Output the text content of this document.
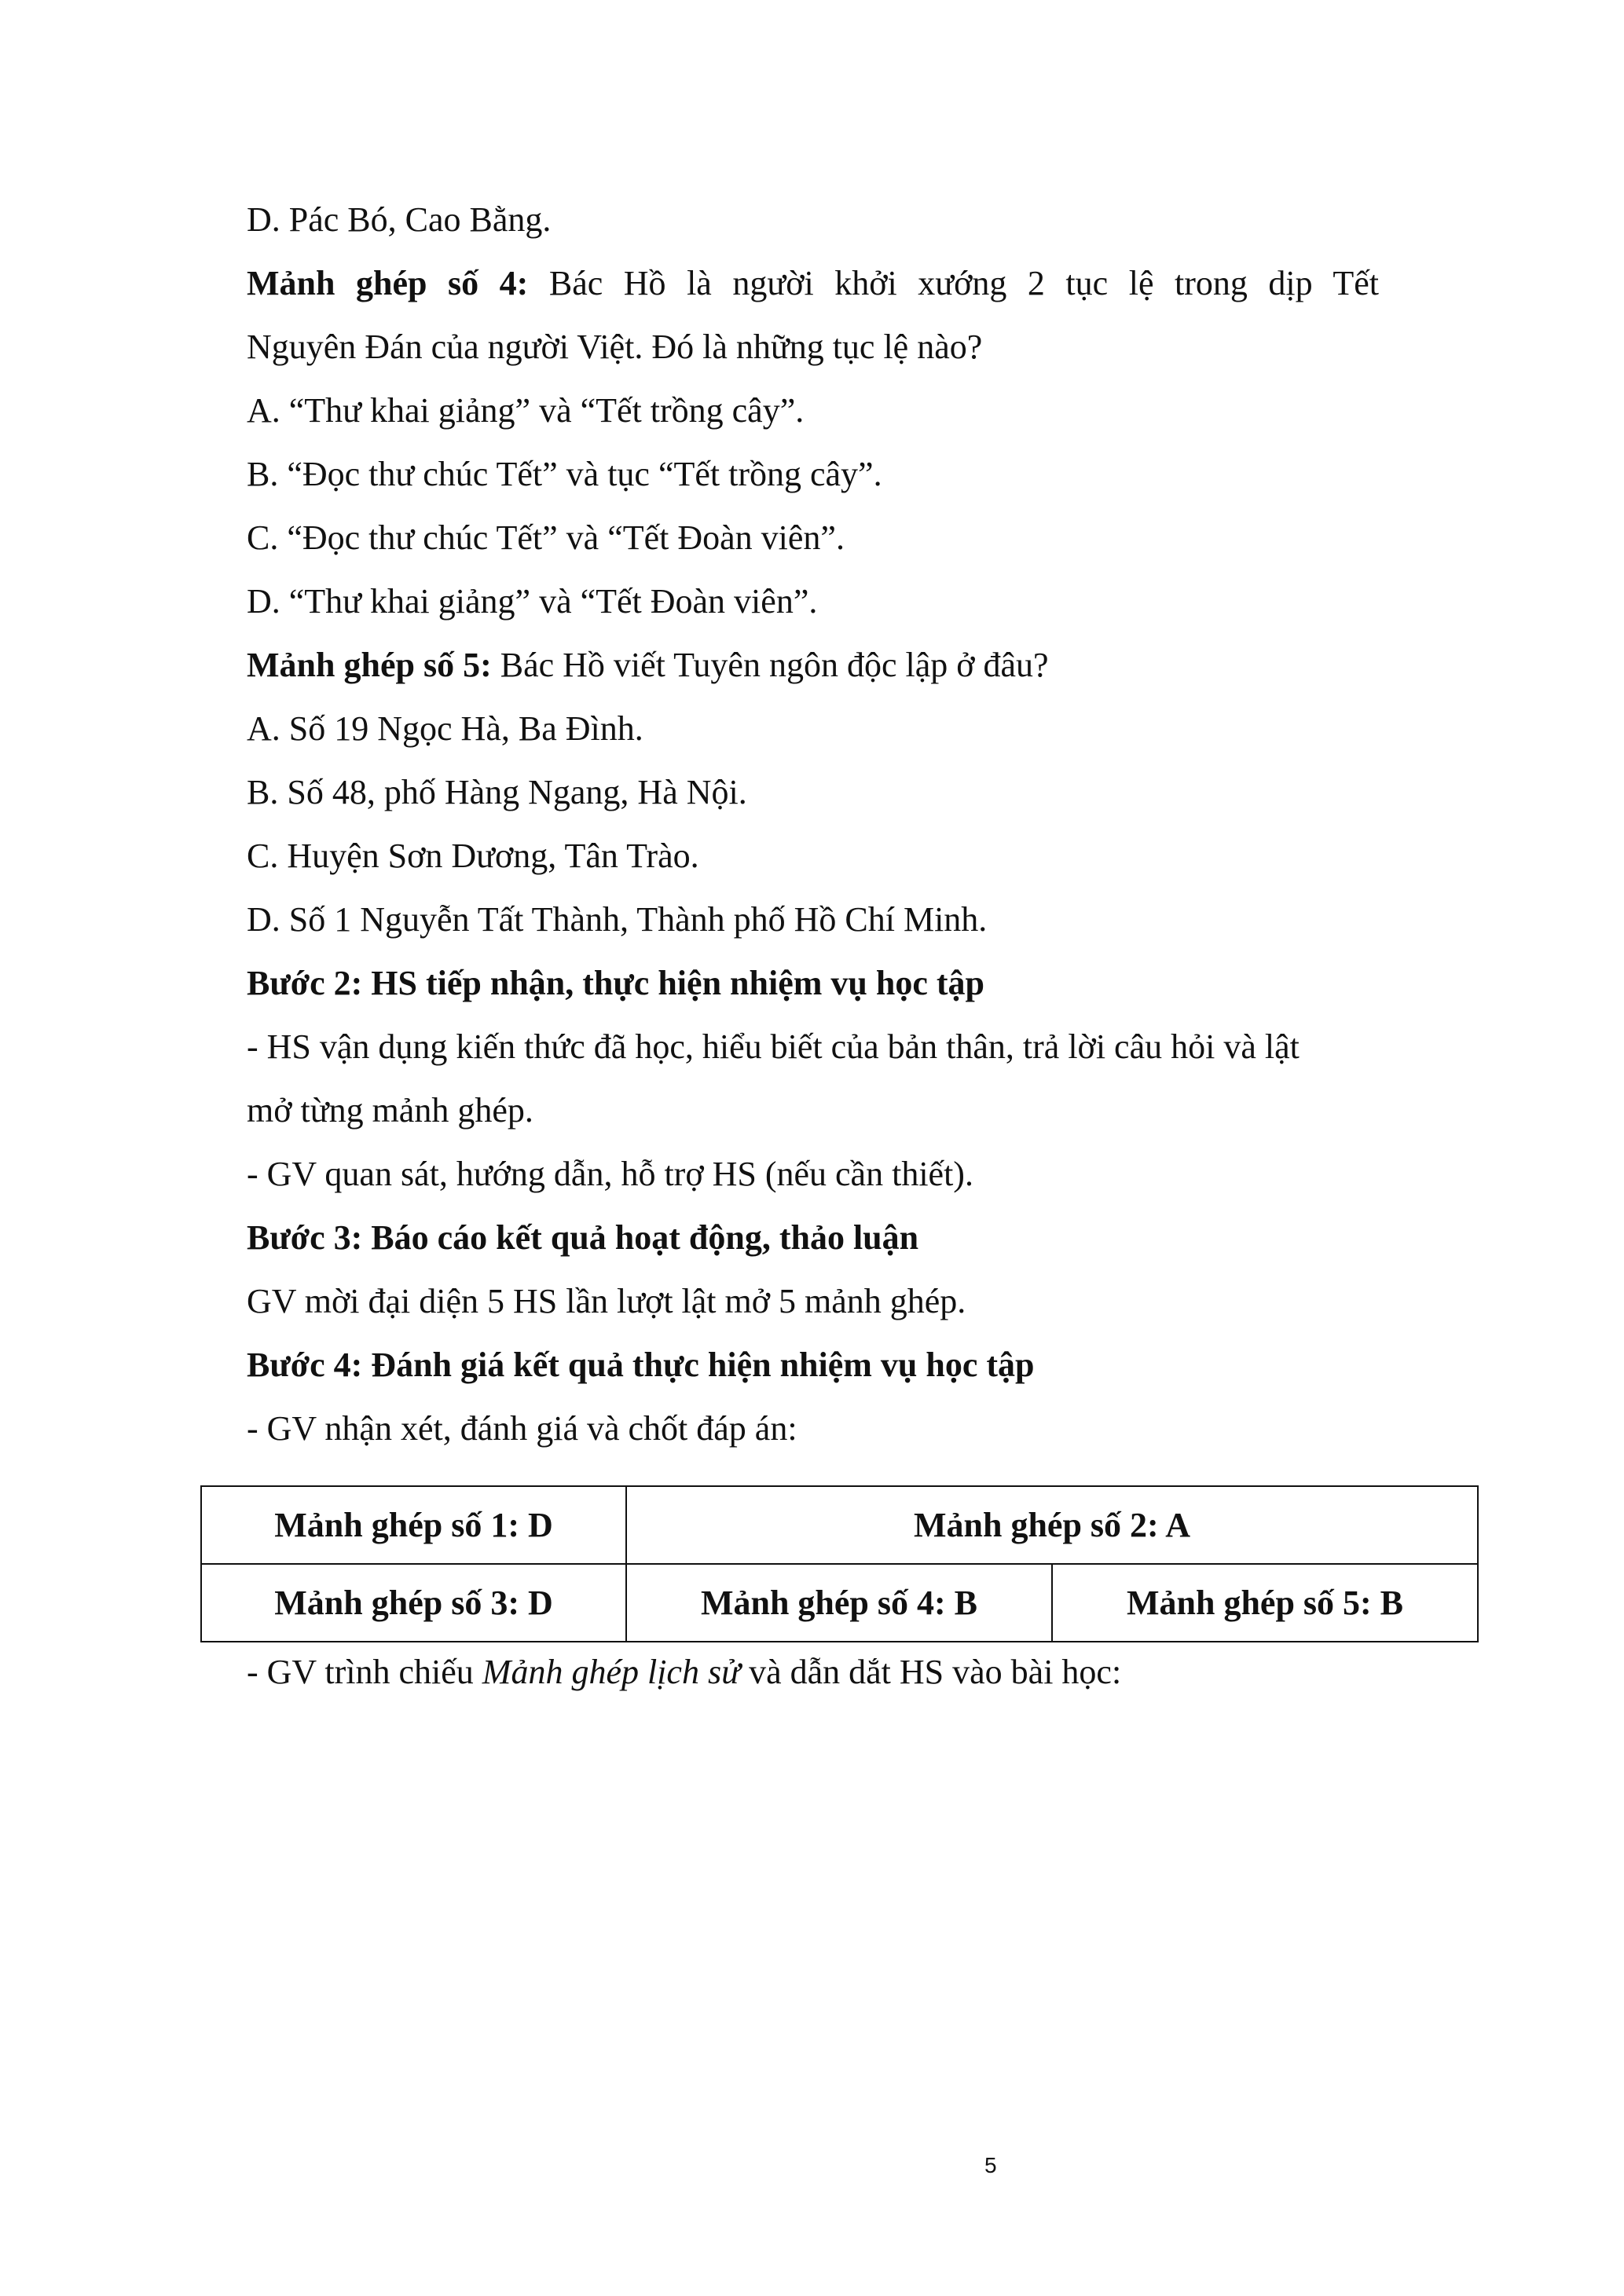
D. Pác Bó, Cao Bằng.

Mảnh ghép số 4: Bác Hồ là người khởi xướng 2 tục lệ trong dịp Tết

Nguyên Đán của người Việt. Đó là những tục lệ nào?

A. “Thư khai giảng” và “Tết trồng cây”.

B. “Đọc thư chúc Tết” và tục “Tết trồng cây”.

C. “Đọc thư chúc Tết” và “Tết Đoàn viên”.

D. “Thư khai giảng” và “Tết Đoàn viên”.

Mảnh ghép số 5: Bác Hồ viết Tuyên ngôn độc lập ở đâu?

A. Số 19 Ngọc Hà, Ba Đình.

B. Số 48, phố Hàng Ngang, Hà Nội.

C. Huyện Sơn Dương, Tân Trào.

D. Số 1 Nguyễn Tất Thành, Thành phố Hồ Chí Minh.

Bước 2: HS tiếp nhận, thực hiện nhiệm vụ học tập

- HS vận dụng kiến thức đã học, hiểu biết của bản thân, trả lời câu hỏi và lật

mở từng mảnh ghép.

- GV quan sát, hướng dẫn, hỗ trợ HS (nếu cần thiết).

Bước 3: Báo cáo kết quả hoạt động, thảo luận

GV mời đại diện 5 HS lần lượt lật mở 5 mảnh ghép.

Bước 4: Đánh giá kết quả thực hiện nhiệm vụ học tập

- GV nhận xét, đánh giá và chốt đáp án:

Mảnh ghép số 1: D	Mảnh ghép số 2: A	
Mảnh ghép số 3: D	Mảnh ghép số 4: B	Mảnh ghép số 5: B

- GV trình chiếu Mảnh ghép lịch sử và dẫn dắt HS vào bài học:

5
